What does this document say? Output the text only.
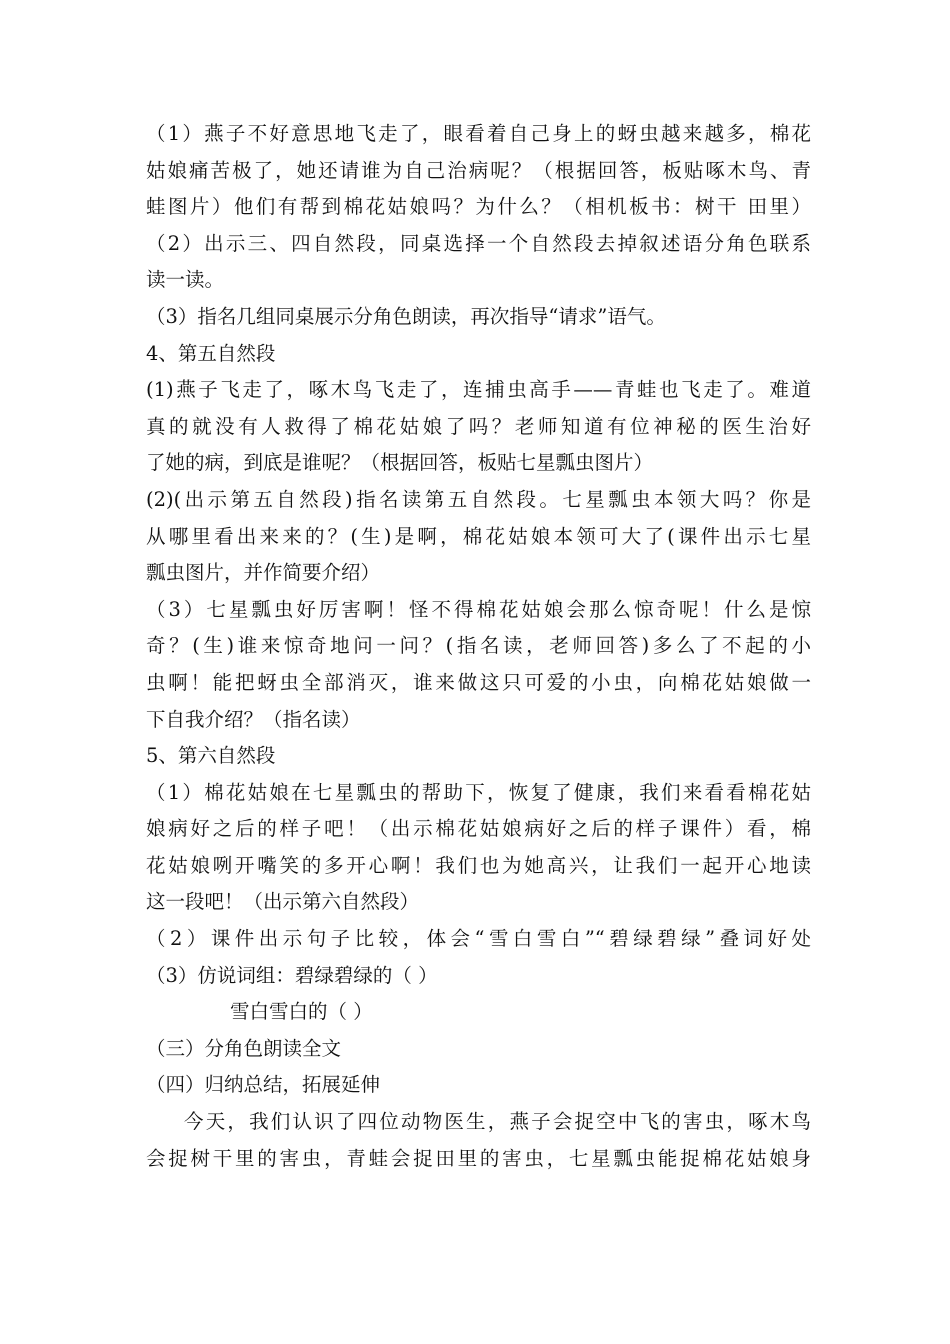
（1）燕子不好意思地飞走了，眼看着自己身上的蚜虫越来越多，棉花
姑娘痛苦极了，她还请谁为自己治病呢？（根据回答，板贴啄木鸟、青
蛙图片）他们有帮到棉花姑娘吗？为什么？（相机板书：树干 田里）
（2）出示三、四自然段，同桌选择一个自然段去掉叙述语分角色联系
读一读。
（3）指名几组同桌展示分角色朗读，再次指导“请求”语气。
4、第五自然段
(1)燕子飞走了，啄木鸟飞走了，连捕虫高手——青蛙也飞走了。难道
真的就没有人救得了棉花姑娘了吗？老师知道有位神秘的医生治好
了她的病，到底是谁呢？（根据回答，板贴七星瓢虫图片）
(2)(出示第五自然段)指名读第五自然段。七星瓢虫本领大吗？你是
从哪里看出来来的？(生)是啊，棉花姑娘本领可大了(课件出示七星
瓢虫图片，并作简要介绍）
（3）七星瓢虫好厉害啊！怪不得棉花姑娘会那么惊奇呢！什么是惊
奇？(生)谁来惊奇地问一问？(指名读，老师回答)多么了不起的小
虫啊！能把蚜虫全部消灭，谁来做这只可爱的小虫，向棉花姑娘做一
下自我介绍？（指名读）
5、第六自然段
（1）棉花姑娘在七星瓢虫的帮助下，恢复了健康，我们来看看棉花姑
娘病好之后的样子吧！（出示棉花姑娘病好之后的样子课件）看，棉
花姑娘咧开嘴笑的多开心啊！我们也为她高兴，让我们一起开心地读
这一段吧！（出示第六自然段）
（2）课件出示句子比较，体会“雪白雪白”“碧绿碧绿”叠词好处
（3）仿说词组：碧绿碧绿的（ ）
雪白雪白的（ ）
（三）分角色朗读全文
（四）归纳总结，拓展延伸
今天，我们认识了四位动物医生，燕子会捉空中飞的害虫，啄木鸟
会捉树干里的害虫，青蛙会捉田里的害虫，七星瓢虫能捉棉花姑娘身
